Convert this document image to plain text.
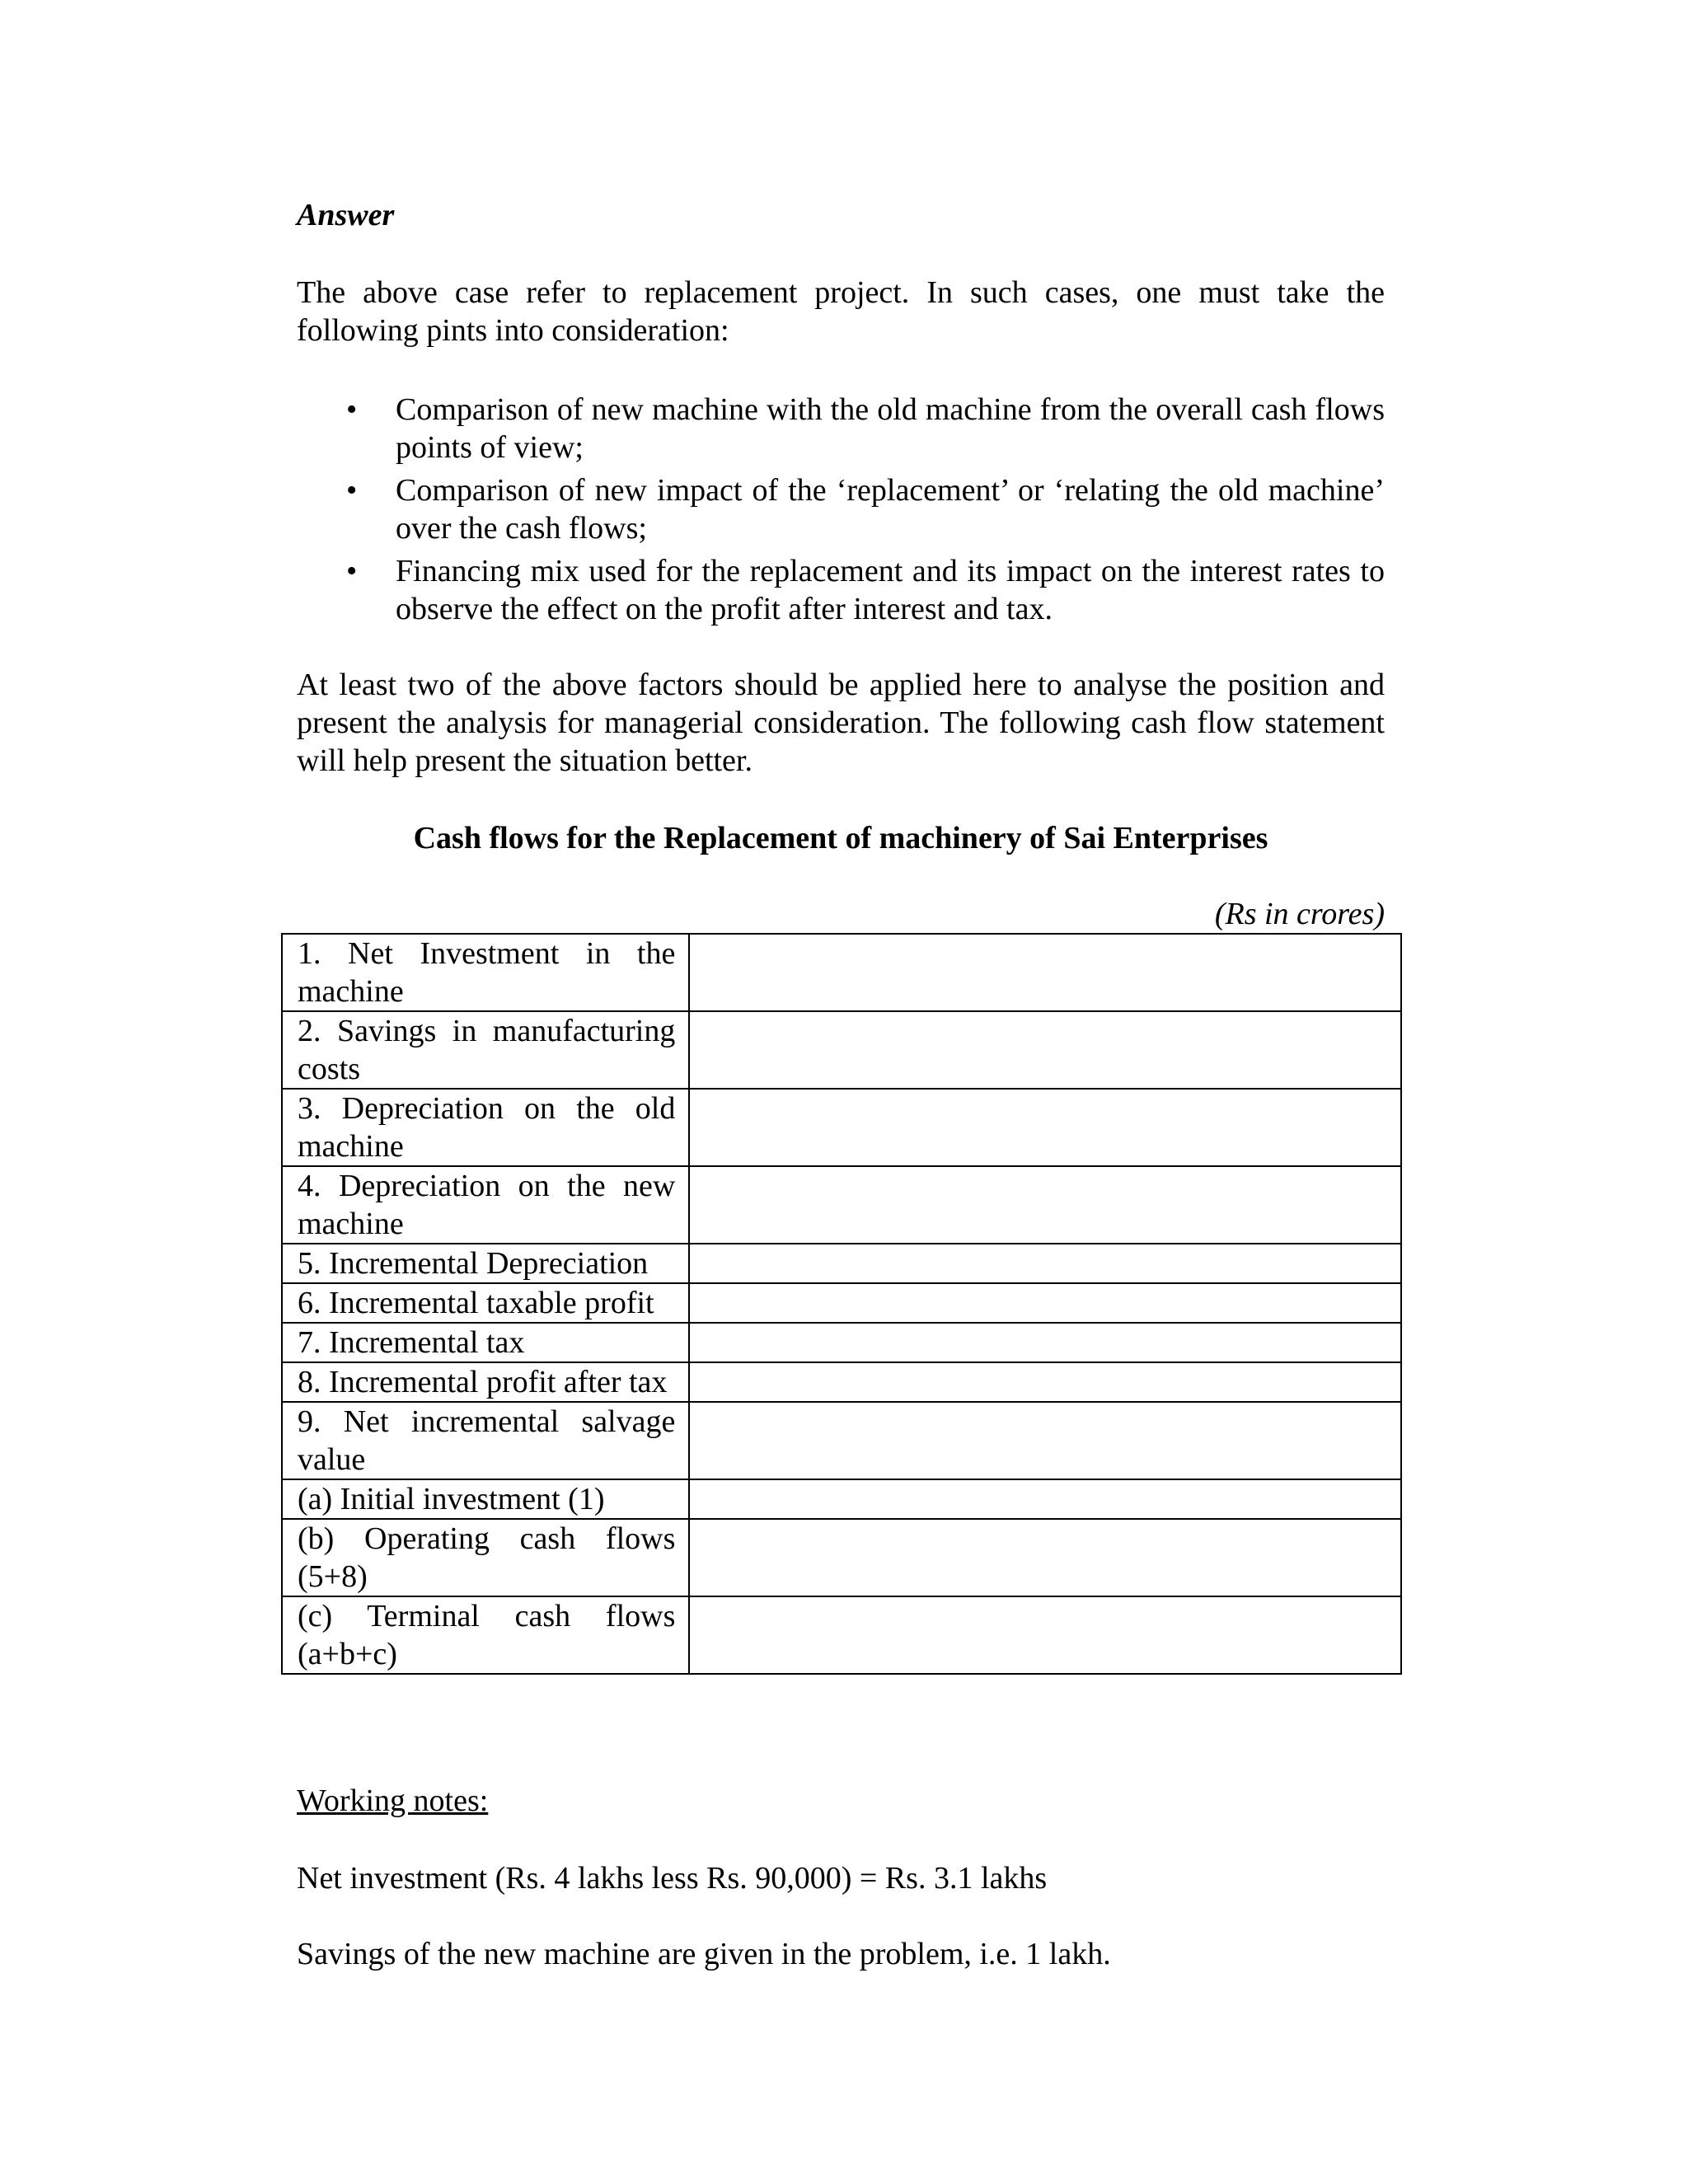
Answer
The above case refer to replacement project. In such cases, one must take the following pints into consideration:
• Comparison of new machine with the old machine from the overall cash flows points of view;
• Comparison of new impact of the ‘replacement’ or ‘relating the old machine’ over the cash flows;
• Financing mix used for the replacement and its impact on the interest rates to observe the effect on the profit after interest and tax.
At least two of the above factors should be applied here to analyse the position and present the analysis for managerial consideration. The following cash flow statement will help present the situation better.
Cash flows for the Replacement of machinery of Sai Enterprises
(Rs in crores)
1. Net Investment in the machine	
2. Savings in manufacturing costs	
3. Depreciation on the old machine	
4. Depreciation on the new machine	
5. Incremental Depreciation	
6. Incremental taxable profit	
7. Incremental tax	
8. Incremental profit after tax	
9. Net incremental salvage value	
(a) Initial investment (1)	
(b) Operating cash flows (5+8)	
(c) Terminal cash flows (a+b+c)	
Working notes:
Net investment (Rs. 4 lakhs less Rs. 90,000) = Rs. 3.1 lakhs
Savings of the new machine are given in the problem, i.e. 1 lakh.
